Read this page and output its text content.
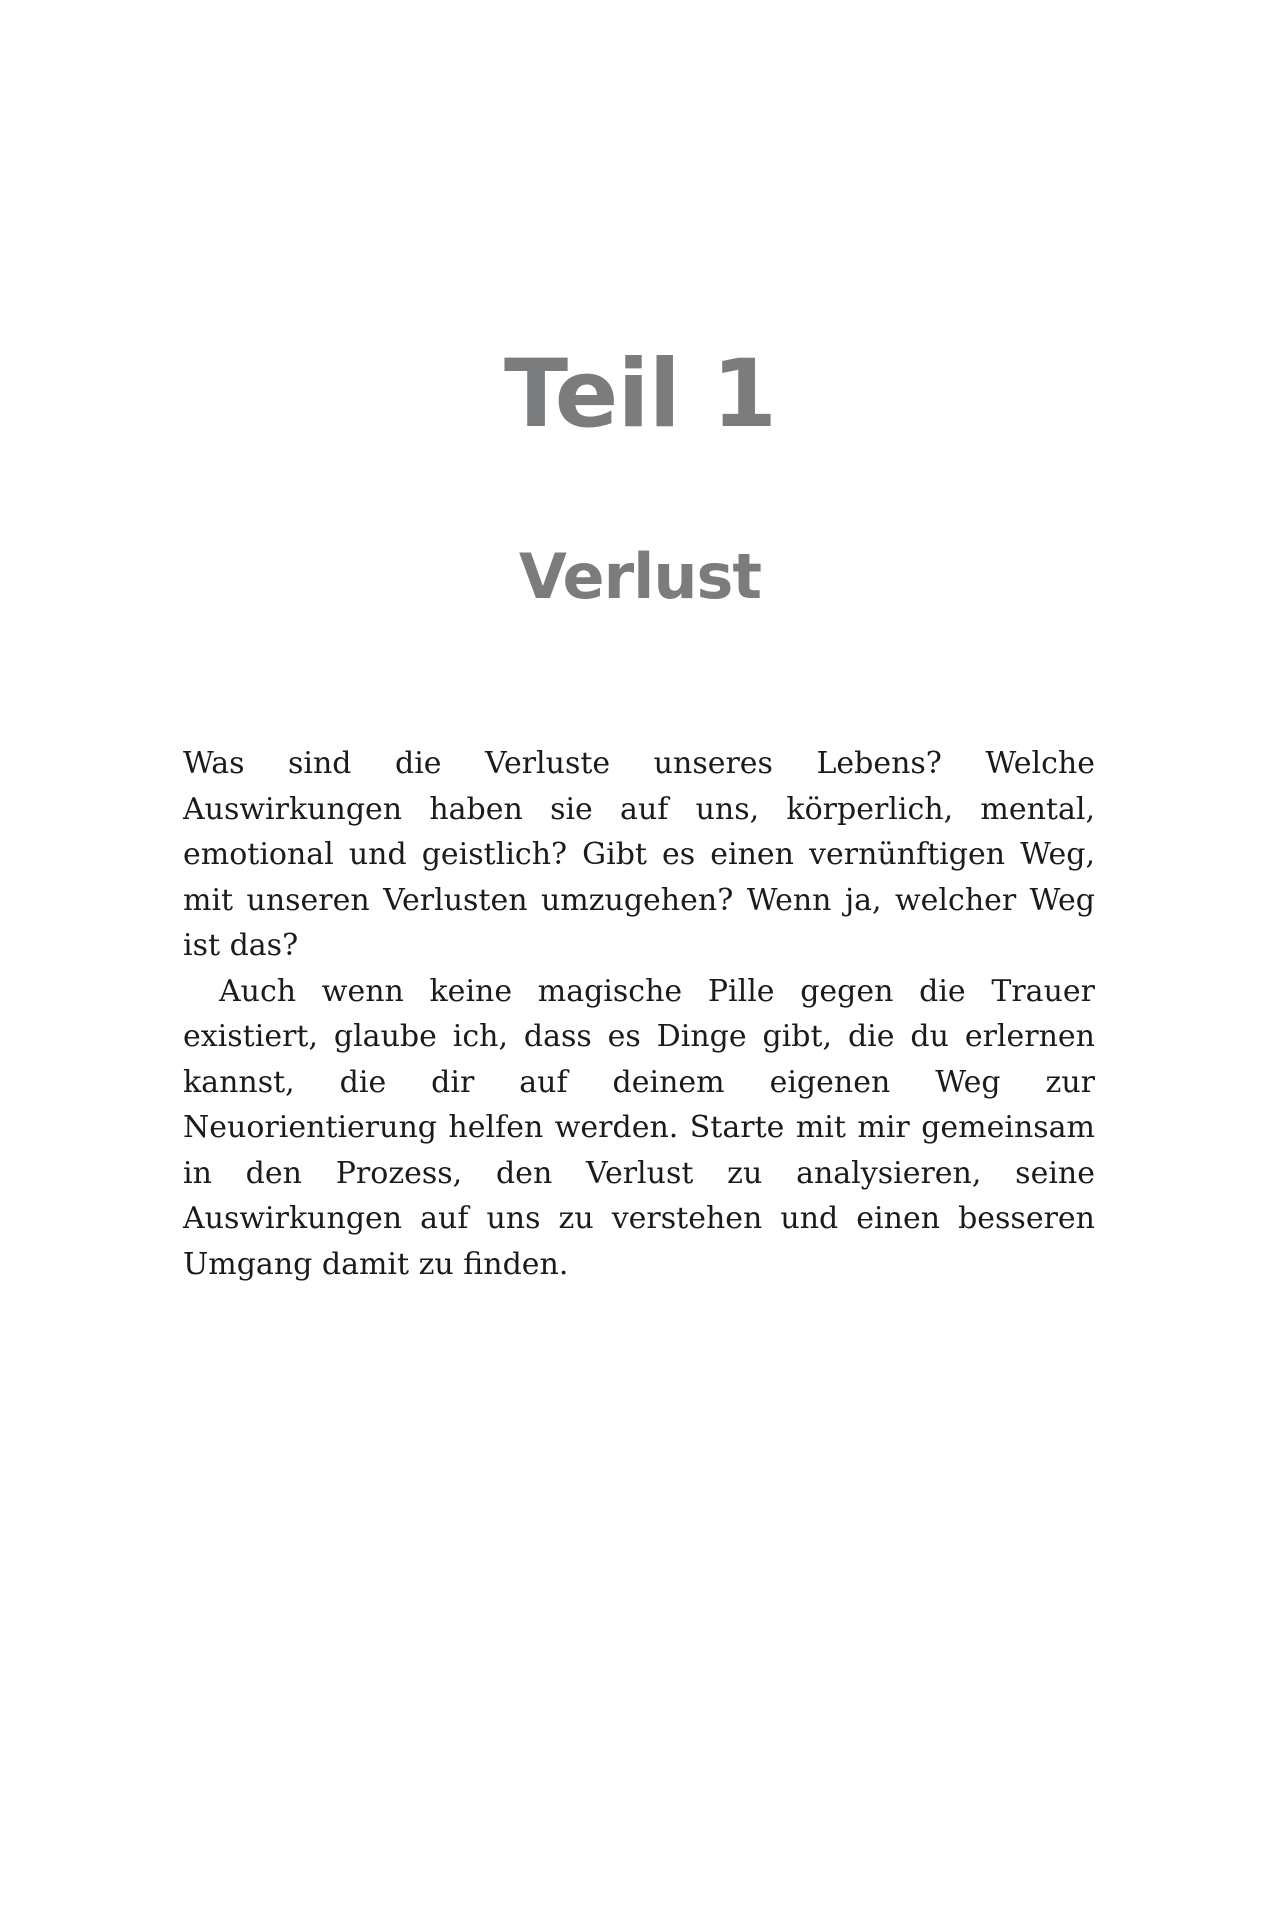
Teil 1
Verlust

Was sind die Verluste unseres Lebens? Welche Auswirkungen haben sie auf uns, körperlich, mental, emotional und geistlich? Gibt es einen vernünftigen Weg, mit unseren Verlusten umzugehen? Wenn ja, welcher Weg ist das?

Auch wenn keine magische Pille gegen die Trauer existiert, glaube ich, dass es Dinge gibt, die du erlernen kannst, die dir auf deinem eigenen Weg zur Neuorientierung helfen werden. Starte mit mir gemeinsam in den Prozess, den Verlust zu analysieren, seine Auswirkungen auf uns zu verstehen und einen besseren Umgang damit zu finden.
